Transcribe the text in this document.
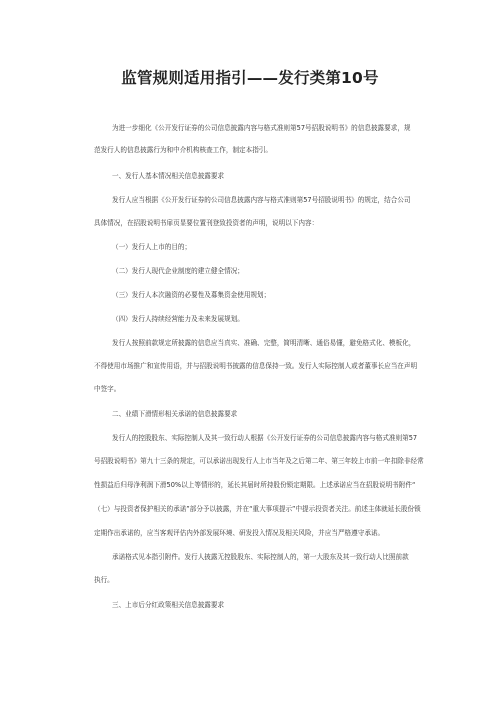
监管规则适用指引——发行类第10号
为进一步细化《公开发行证券的公司信息披露内容与格式准则第57号招股说明书》的信息披露要求，规
范发行人的信息披露行为和中介机构核查工作，制定本指引。
一、发行人基本情况相关信息披露要求
发行人应当根据《公开发行证券的公司信息披露内容与格式准则第57号招股说明书》的规定，结合公司
具体情况，在招股说明书扉页显要位置刊登致投资者的声明，说明以下内容：
（一）发行人上市的目的；
（二）发行人现代企业制度的建立健全情况；
（三）发行人本次融资的必要性及募集资金使用规划；
（四）发行人持续经营能力及未来发展规划。
发行人按照前款规定所披露的信息应当真实、准确、完整，简明清晰、通俗易懂，避免格式化、模板化，
不得使用市场推广和宣传用语，并与招股说明书披露的信息保持一致。发行人实际控制人或者董事长应当在声明
中签字。
二、业绩下滑情形相关承诺的信息披露要求
发行人的控股股东、实际控制人及其一致行动人根据《公开发行证券的公司信息披露内容与格式准则第57
号招股说明书》第九十三条的规定，可以承诺出现发行人上市当年及之后第二年、第三年较上市前一年扣除非经常
性损益后归母净利润下滑50%以上等情形的，延长其届时所持股份锁定期限。上述承诺应当在招股说明书附件“
（七）与投资者保护相关的承诺”部分予以披露，并在“重大事项提示”中提示投资者关注。前述主体就延长股份锁
定期作出承诺的，应当客观评估内外部发展环境、研发投入情况及相关风险，并应当严格遵守承诺。
承诺格式见本指引附件。发行人披露无控股股东、实际控制人的，第一大股东及其一致行动人比照前款
执行。
三、上市后分红政策相关信息披露要求
